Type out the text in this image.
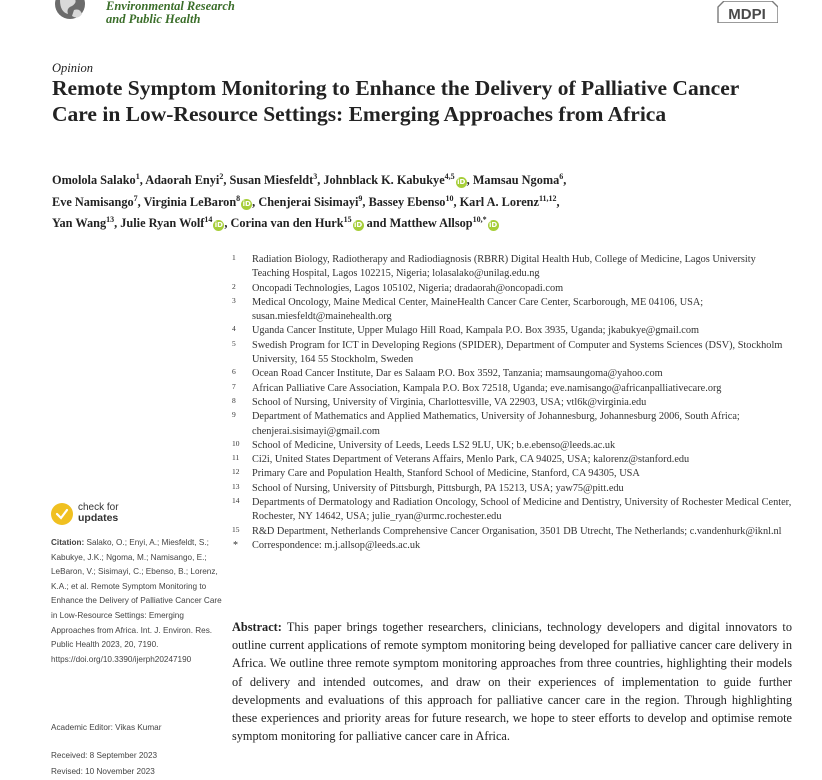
Environmental Research
and Public Health	MDPI
Opinion
Remote Symptom Monitoring to Enhance the Delivery of Palliative Cancer Care in Low-Resource Settings: Emerging Approaches from Africa
Omolola Salako$^1$, Adaorah Enyi$^2$, Susan Miesfeldt$^3$, Johnblack K. Kabukye$^{4,5}$iD, Mamsau Ngoma$^6$,
Eve Namisango$^7$, Virginia LeBaron$^8$iD, Chenjerai Sisimayi$^9$, Bassey Ebenso$^{10}$, Karl A. Lorenz$^{11,12}$,
Yan Wang$^{13}$, Julie Ryan Wolf$^{14}$iD, Corina van den Hurk$^{15}$iD and Matthew Allsop$^{10,*}$iD
1 Radiation Biology, Radiotherapy and Radiodiagnosis (RBRR) Digital Health Hub, College of Medicine, Lagos University Teaching Hospital, Lagos 102215, Nigeria; lolasalako@unilag.edu.ng
2 Oncopadi Technologies, Lagos 105102, Nigeria; dradaorah@oncopadi.com
3 Medical Oncology, Maine Medical Center, MaineHealth Cancer Care Center, Scarborough, ME 04106, USA; susan.miesfeldt@mainehealth.org
4 Uganda Cancer Institute, Upper Mulago Hill Road, Kampala P.O. Box 3935, Uganda; jkabukye@gmail.com
5 Swedish Program for ICT in Developing Regions (SPIDER), Department of Computer and Systems Sciences (DSV), Stockholm University, 164 55 Stockholm, Sweden
6 Ocean Road Cancer Institute, Dar es Salaam P.O. Box 3592, Tanzania; mamsaungoma@yahoo.com
7 African Palliative Care Association, Kampala P.O. Box 72518, Uganda; eve.namisango@africanpalliativecare.org
8 School of Nursing, University of Virginia, Charlottesville, VA 22903, USA; vtl6k@virginia.edu
9 Department of Mathematics and Applied Mathematics, University of Johannesburg, Johannesburg 2006, South Africa; chenjerai.sisimayi@gmail.com
10 School of Medicine, University of Leeds, Leeds LS2 9LU, UK; b.e.ebenso@leeds.ac.uk
11 Ci2i, United States Department of Veterans Affairs, Menlo Park, CA 94025, USA; kalorenz@stanford.edu
12 Primary Care and Population Health, Stanford School of Medicine, Stanford, CA 94305, USA
13 School of Nursing, University of Pittsburgh, Pittsburgh, PA 15213, USA; yaw75@pitt.edu
14 Departments of Dermatology and Radiation Oncology, School of Medicine and Dentistry, University of Rochester Medical Center, Rochester, NY 14642, USA; julie_ryan@urmc.rochester.edu
15 R&D Department, Netherlands Comprehensive Cancer Organisation, 3501 DB Utrecht, The Netherlands; c.vandenhurk@iknl.nl
* Correspondence: m.j.allsop@leeds.ac.uk
check for
updates
Citation: Salako, O.; Enyi, A.; Miesfeldt, S.; Kabukye, J.K.; Ngoma, M.; Namisango, E.; LeBaron, V.; Sisimayi, C.; Ebenso, B.; Lorenz, K.A.; et al. Remote Symptom Monitoring to Enhance the Delivery of Palliative Cancer Care in Low-Resource Settings: Emerging Approaches from Africa. Int. J. Environ. Res. Public Health 2023, 20, 7190. https://doi.org/10.3390/ijerph20247190
Academic Editor: Vikas Kumar
Received: 8 September 2023
Revised: 10 November 2023
Abstract: This paper brings together researchers, clinicians, technology developers and digital innovators to outline current applications of remote symptom monitoring being developed for palliative cancer care delivery in Africa. We outline three remote symptom monitoring approaches from three countries, highlighting their models of delivery and intended outcomes, and draw on their experiences of implementation to guide further developments and evaluations of this approach for palliative cancer care in the region. Through highlighting these experiences and priority areas for future research, we hope to steer efforts to develop and optimise remote symptom monitoring for palliative cancer care in Africa.
